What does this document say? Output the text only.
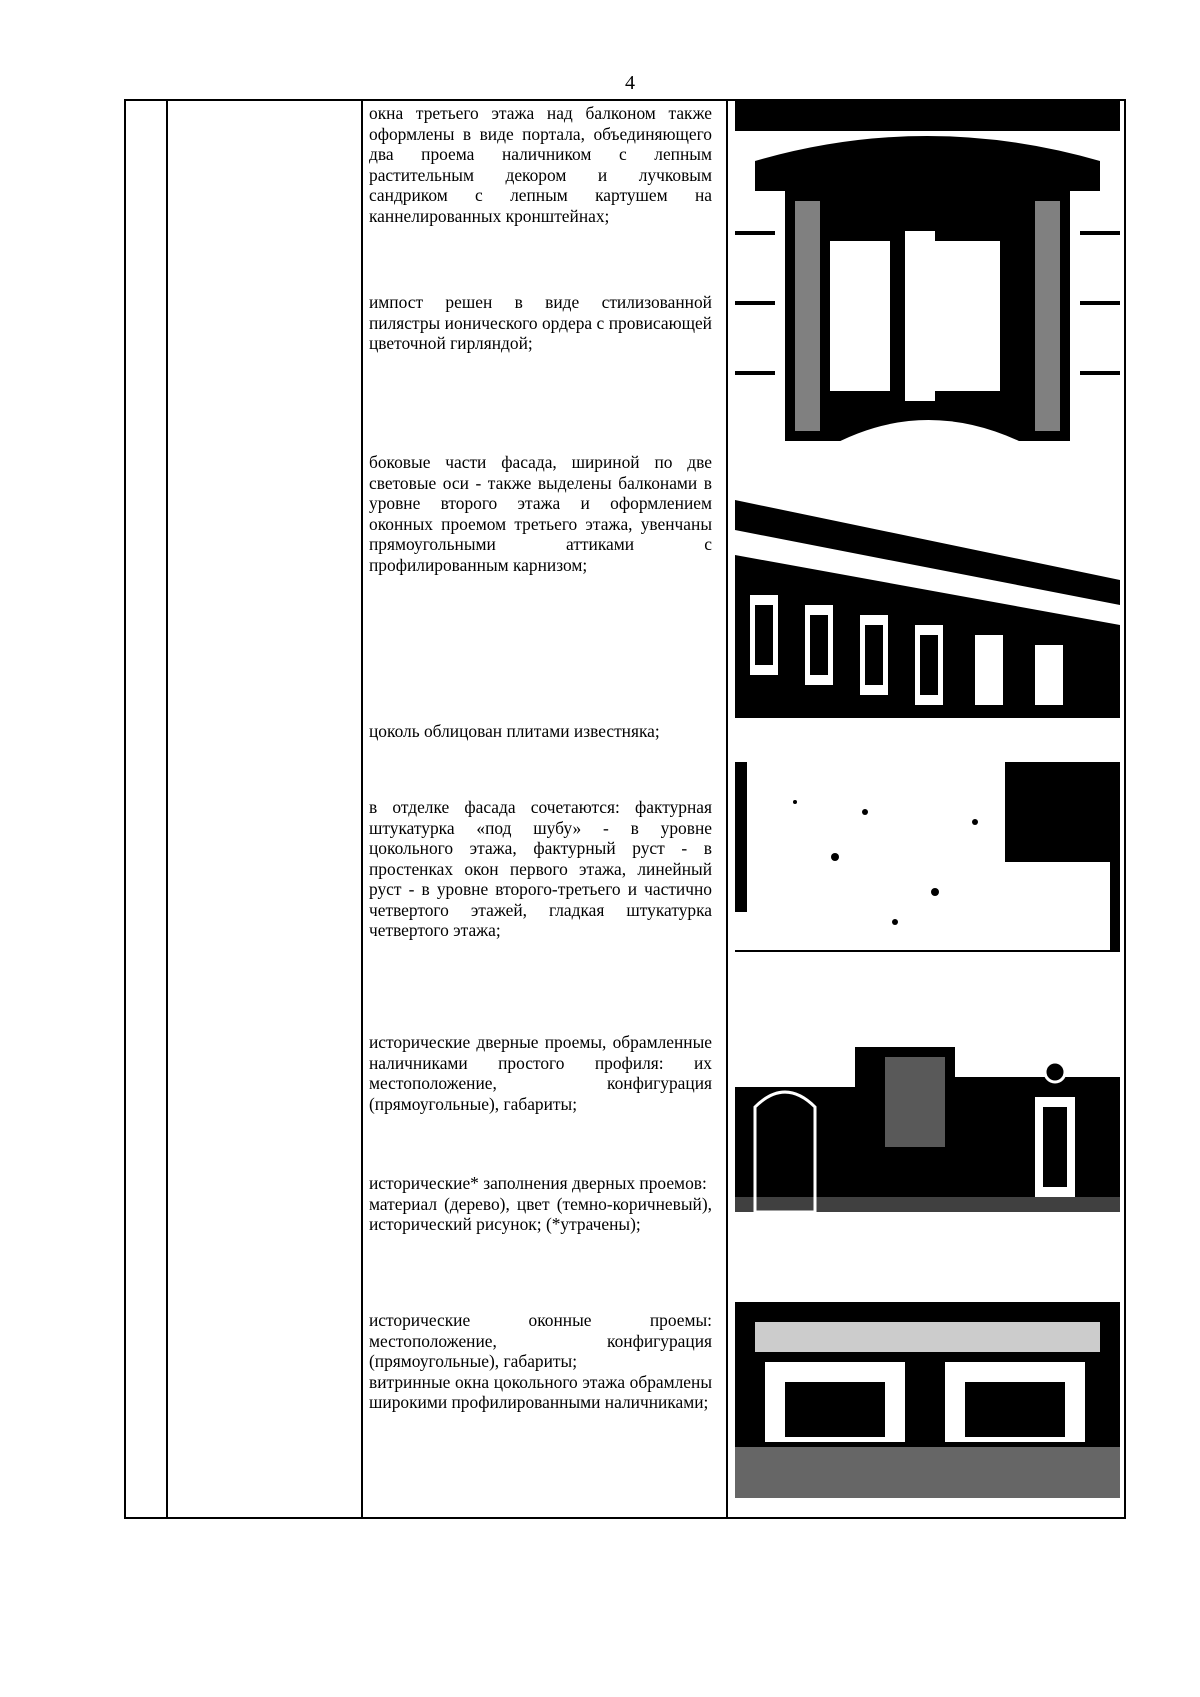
4

окна третьего этажа над балконом также оформлены в виде портала, объединяющего два проема наличником с лепным растительным декором и лучковым сандриком с лепным картушем на каннелированных кронштейнах;

импост решен в виде стилизованной пилястры ионического ордера с провисающей цветочной гирляндой;

боковые части фасада, шириной по две световые оси - также выделены балконами в уровне второго этажа и оформлением оконных проемом третьего этажа, увенчаны прямоугольными аттиками с профилированным карнизом;

цоколь облицован плитами известняка;

в отделке фасада сочетаются: фактурная штукатурка «под шубу» - в уровне цокольного этажа, фактурный руст - в простенках окон первого этажа, линейный руст - в уровне второго-третьего и частично четвертого этажей, гладкая штукатурка четвертого этажа;

исторические дверные проемы, обрамленные наличниками простого профиля: их местоположение, конфигурация (прямоугольные), габариты;

исторические* заполнения дверных проемов:

материал (дерево), цвет (темно-коричневый), исторический рисунок; (*утрачены);

исторические оконные проемы: местоположение, конфигурация (прямоугольные), габариты;

витринные окна цокольного этажа обрамлены широкими профилированными наличниками;
